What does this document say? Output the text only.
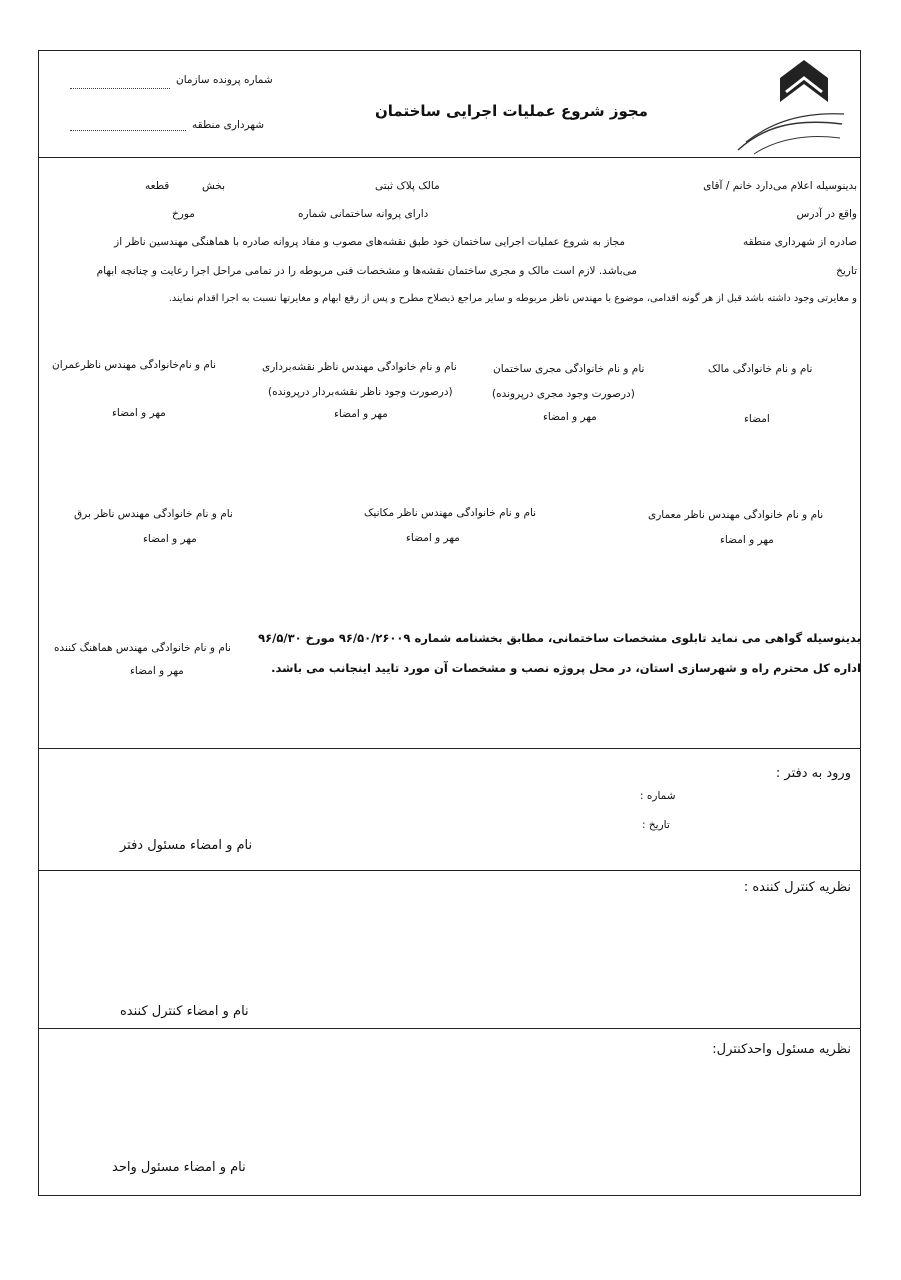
مجوز شروع عملیات اجرایی ساختمان
شماره پرونده سازمان
شهرداری منطقه
بدینوسیله اعلام می‌دارد خانم / آقای
مالک پلاک ثبتی
بخش
قطعه
واقع در آدرس
دارای پروانه ساختمانی شماره
مورخ
صادره از شهرداری منطقه
مجاز به شروع عملیات اجرایی ساختمان خود طبق نقشه‌های مصوب و مفاد پروانه صادره با هماهنگی مهندسین ناظر از
تاریخ
می‌باشد. لازم است مالک و مجری ساختمان نقشه‌ها و مشخصات فنی مربوطه را در تمامی مراحل اجرا رعایت و چنانچه ابهام
و مغایرتی وجود داشته باشد قبل از هر گونه اقدامی، موضوع با مهندس ناظر مربوطه و سایر مراجع ذیصلاح مطرح و پس از رفع ابهام و مغایرتها نسبت به اجرا اقدام نمایند.
نام و نام خانوادگی مالک
امضاء
نام و نام خانوادگی مجری ساختمان
(درصورت وجود مجری درپرونده)
مهر و امضاء
نام و نام خانوادگی مهندس ناظر نقشه‌برداری
(درصورت وجود ناظر نقشه‌بردار درپرونده)
مهر و امضاء
نام و نام‌خانوادگی مهندس ناظرعمران
مهر و امضاء
نام و نام خانوادگی مهندس ناظر معماری
مهر و امضاء
نام و نام خانوادگی مهندس ناظر مکانیک
مهر و امضاء
نام و نام خانوادگی مهندس ناظر برق
مهر و امضاء
بدینوسیله گواهی می نماید تابلوی مشخصات ساختمانی، مطابق بخشنامه شماره ۹۶/۵۰/۲۶۰۰۹ مورخ ۹۶/۵/۳۰
اداره کل محترم راه و شهرسازی استان، در محل پروژه نصب و مشخصات آن مورد تایید اینجانب می باشد.
نام و نام خانوادگی مهندس هماهنگ کننده
مهر و امضاء
ورود به دفتر :
شماره :
تاریخ :
نام و امضاء مسئول دفتر
نظریه کنترل کننده :
نام و امضاء کنترل کننده
نظریه مسئول واحدکنترل:
نام و امضاء مسئول واحد
